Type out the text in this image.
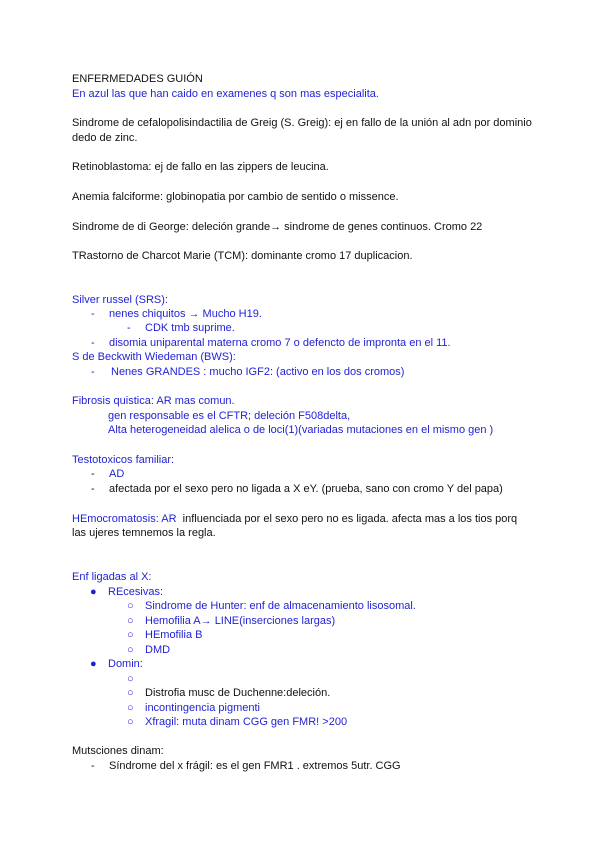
ENFERMEDADES GUIÓN
En azul las que han caido en examenes q son mas especialita.
Sindrome de cefalopolisindactilia de Greig (S. Greig): ej en fallo de la unión al adn por dominio dedo de zinc.
Retinoblastoma: ej de fallo en las zippers de leucina.
Anemia falciforme: globinopatia por cambio de sentido o missence.
Sindrome de di George: deleción grande→ sindrome de genes continuos. Cromo 22
TRastorno de Charcot Marie (TCM): dominante cromo 17 duplicacion.
Silver russel (SRS):
- nenes chiquitos → Mucho H19.
- CDK tmb suprime.
- disomia uniparental materna cromo 7 o defencto de impronta en el 11.
S de Beckwith Wiedeman (BWS):
- Nenes GRANDES : mucho IGF2: (activo en los dos cromos)
Fibrosis quistica: AR mas comun.
gen responsable es el CFTR; deleción F508delta,
Alta heterogeneidad alelica o de loci(1)(variadas mutaciones en el mismo gen )
Testotoxicos familiar:
- AD
- afectada por el sexo pero no ligada a X eY. (prueba, sano con cromo Y del papa)
HEmocromatosis: AR influenciada por el sexo pero no es ligada. afecta mas a los tios porq
las ujeres temnemos la regla.
Enf ligadas al X:
● REcesivas:
○ Sindrome de Hunter: enf de almacenamiento lisosomal.
○ Hemofilia A→ LINE(inserciones largas)
○ HEmofilia B
○ DMD
● Domin:
○
○ Distrofia musc de Duchenne:deleción.
○ incontingencia pigmenti
○ Xfragil: muta dinam CGG gen FMR! >200
Mutsciones dinam:
- Síndrome del x frágil: es el gen FMR1 . extremos 5utr. CGG
